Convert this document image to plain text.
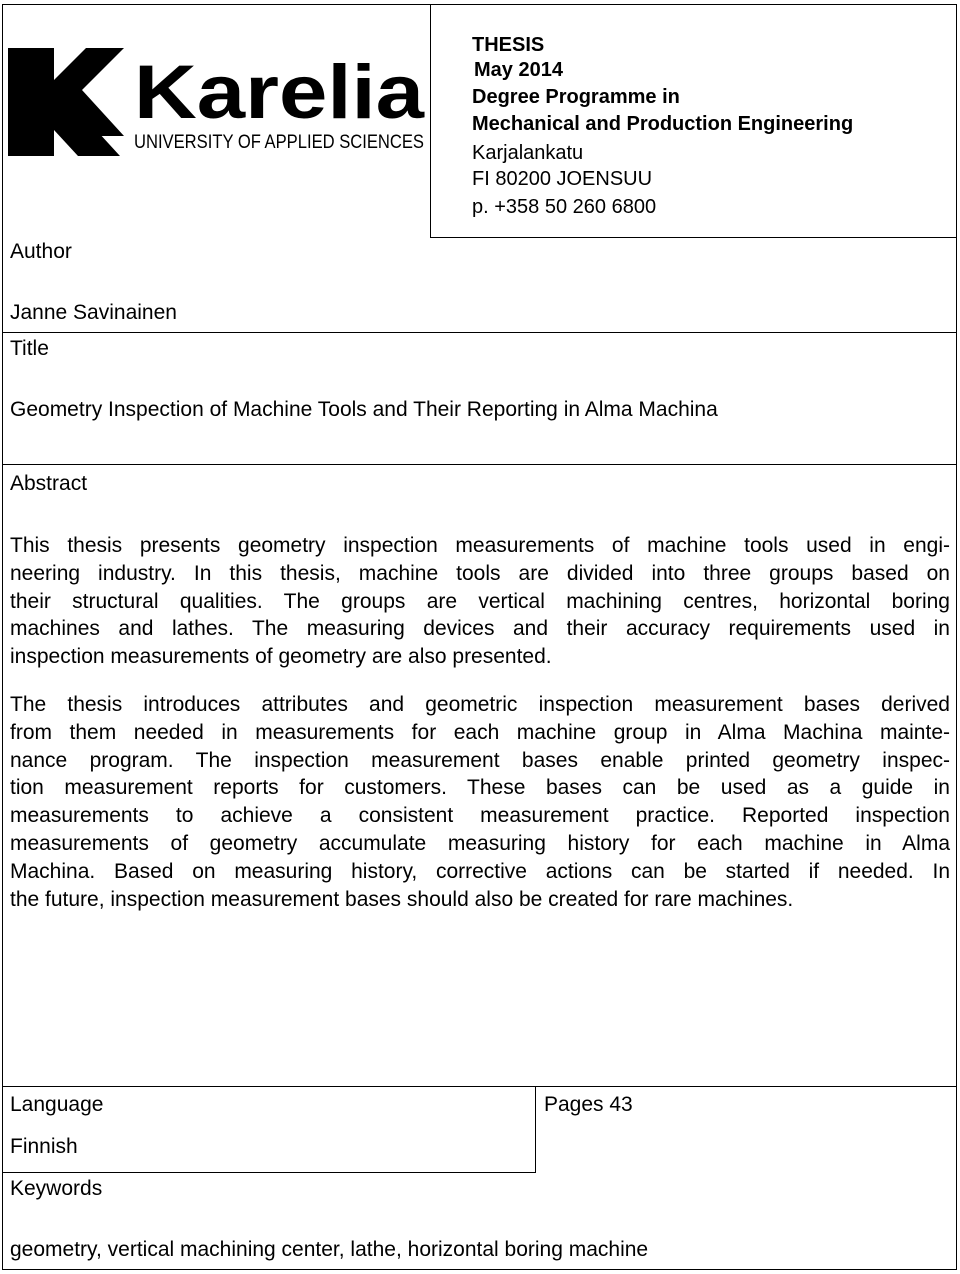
Karelia
UNIVERSITY OF APPLIED SCIENCES
THESIS
May 2014
Degree Programme in
Mechanical and Production Engineering
Karjalankatu
FI 80200 JOENSUU
p. +358 50 260 6800
Author
Janne Savinainen
Title
Geometry Inspection of Machine Tools and Their Reporting in Alma Machina
Abstract
This thesis presents geometry inspection measurements of machine tools used in engi-
neering industry. In this thesis, machine tools are divided into three groups based on
their structural qualities. The groups are vertical machining centres, horizontal boring
machines and lathes. The measuring devices and their accuracy requirements used in
inspection measurements of geometry are also presented.
The thesis introduces attributes and geometric inspection measurement bases derived
from them needed in measurements for each machine group in Alma Machina mainte-
nance program. The inspection measurement bases enable printed geometry inspec-
tion measurement reports for customers. These bases can be used as a guide in
measurements to achieve a consistent measurement practice. Reported inspection
measurements of geometry accumulate measuring history for each machine in Alma
Machina. Based on measuring history, corrective actions can be started if needed. In
the future, inspection measurement bases should also be created for rare machines.
Language
Finnish
Pages 43
Keywords
geometry, vertical machining center, lathe, horizontal boring machine
